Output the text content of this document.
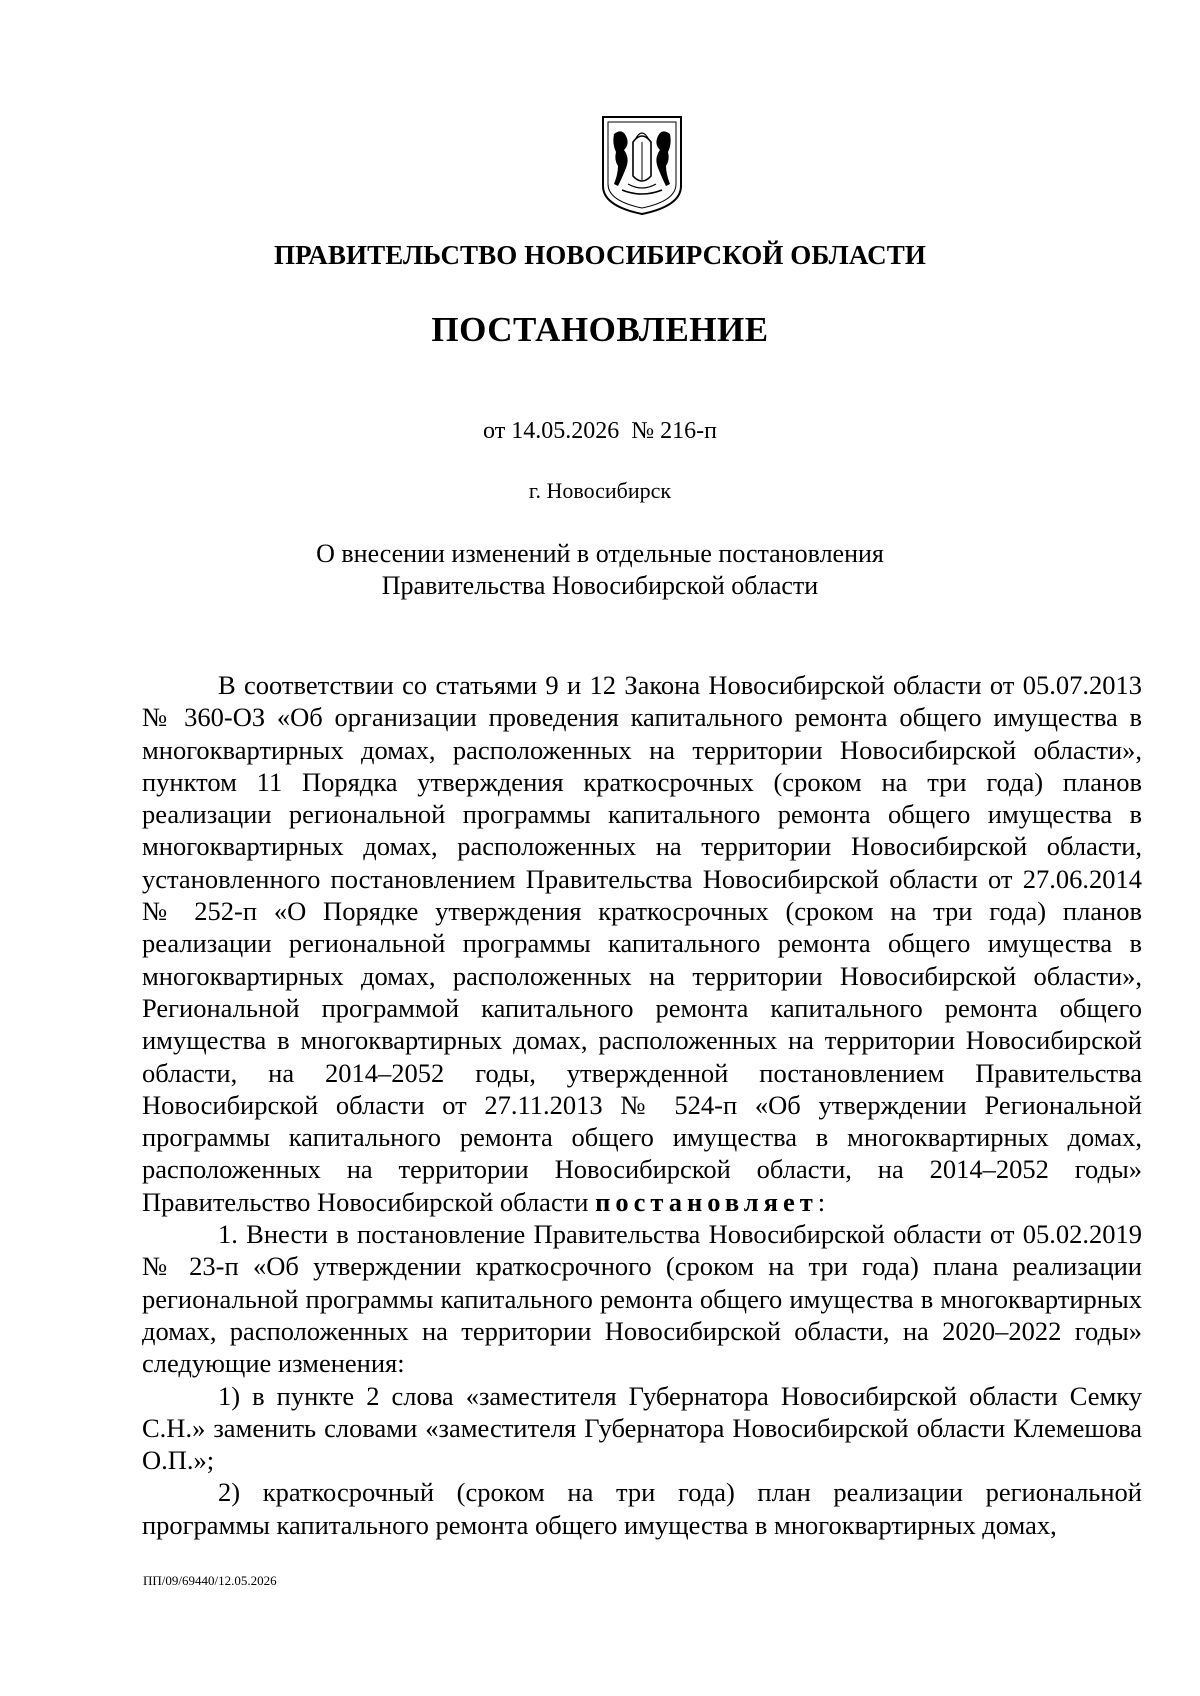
ПРАВИТЕЛЬСТВО НОВОСИБИРСКОЙ ОБЛАСТИ
ПОСТАНОВЛЕНИЕ
от 14.05.2026  № 216-п
г. Новосибирск
О внесении изменений в отдельные постановления
Правительства Новосибирской области

В соответствии со статьями 9 и 12 Закона Новосибирской области от 05.07.2013 № 360-ОЗ «Об организации проведения капитального ремонта общего имущества в многоквартирных домах, расположенных на территории Новосибирской области», пунктом 11 Порядка утверждения краткосрочных (сроком на три года) планов реализации региональной программы капитального ремонта общего имущества в многоквартирных домах, расположенных на территории Новосибирской области, установленного постановлением Правительства Новосибирской области от 27.06.2014 № 252-п «О Порядке утверждения краткосрочных (сроком на три года) планов реализации региональной программы капитального ремонта общего имущества в многоквартирных домах, расположенных на территории Новосибирской области», Региональной программой капитального ремонта капитального ремонта общего имущества в многоквартирных домах, расположенных на территории Новосибирской области, на 2014–2052 годы, утвержденной постановлением Правительства Новосибирской области от 27.11.2013 № 524-п «Об утверждении Региональной программы капитального ремонта общего имущества в многоквартирных домах, расположенных на территории Новосибирской области, на 2014–2052 годы» Правительство Новосибирской области постановляет:

1. Внести в постановление Правительства Новосибирской области от 05.02.2019 № 23-п «Об утверждении краткосрочного (сроком на три года) плана реализации региональной программы капитального ремонта общего имущества в многоквартирных домах, расположенных на территории Новосибирской области, на 2020–2022 годы» следующие изменения:

1) в пункте 2 слова «заместителя Губернатора Новосибирской области Семку С.Н.» заменить словами «заместителя Губернатора Новосибирской области Клемешова О.П.»;

2) краткосрочный (сроком на три года) план реализации региональной программы капитального ремонта общего имущества в многоквартирных домах,

ПП/09/69440/12.05.2026
